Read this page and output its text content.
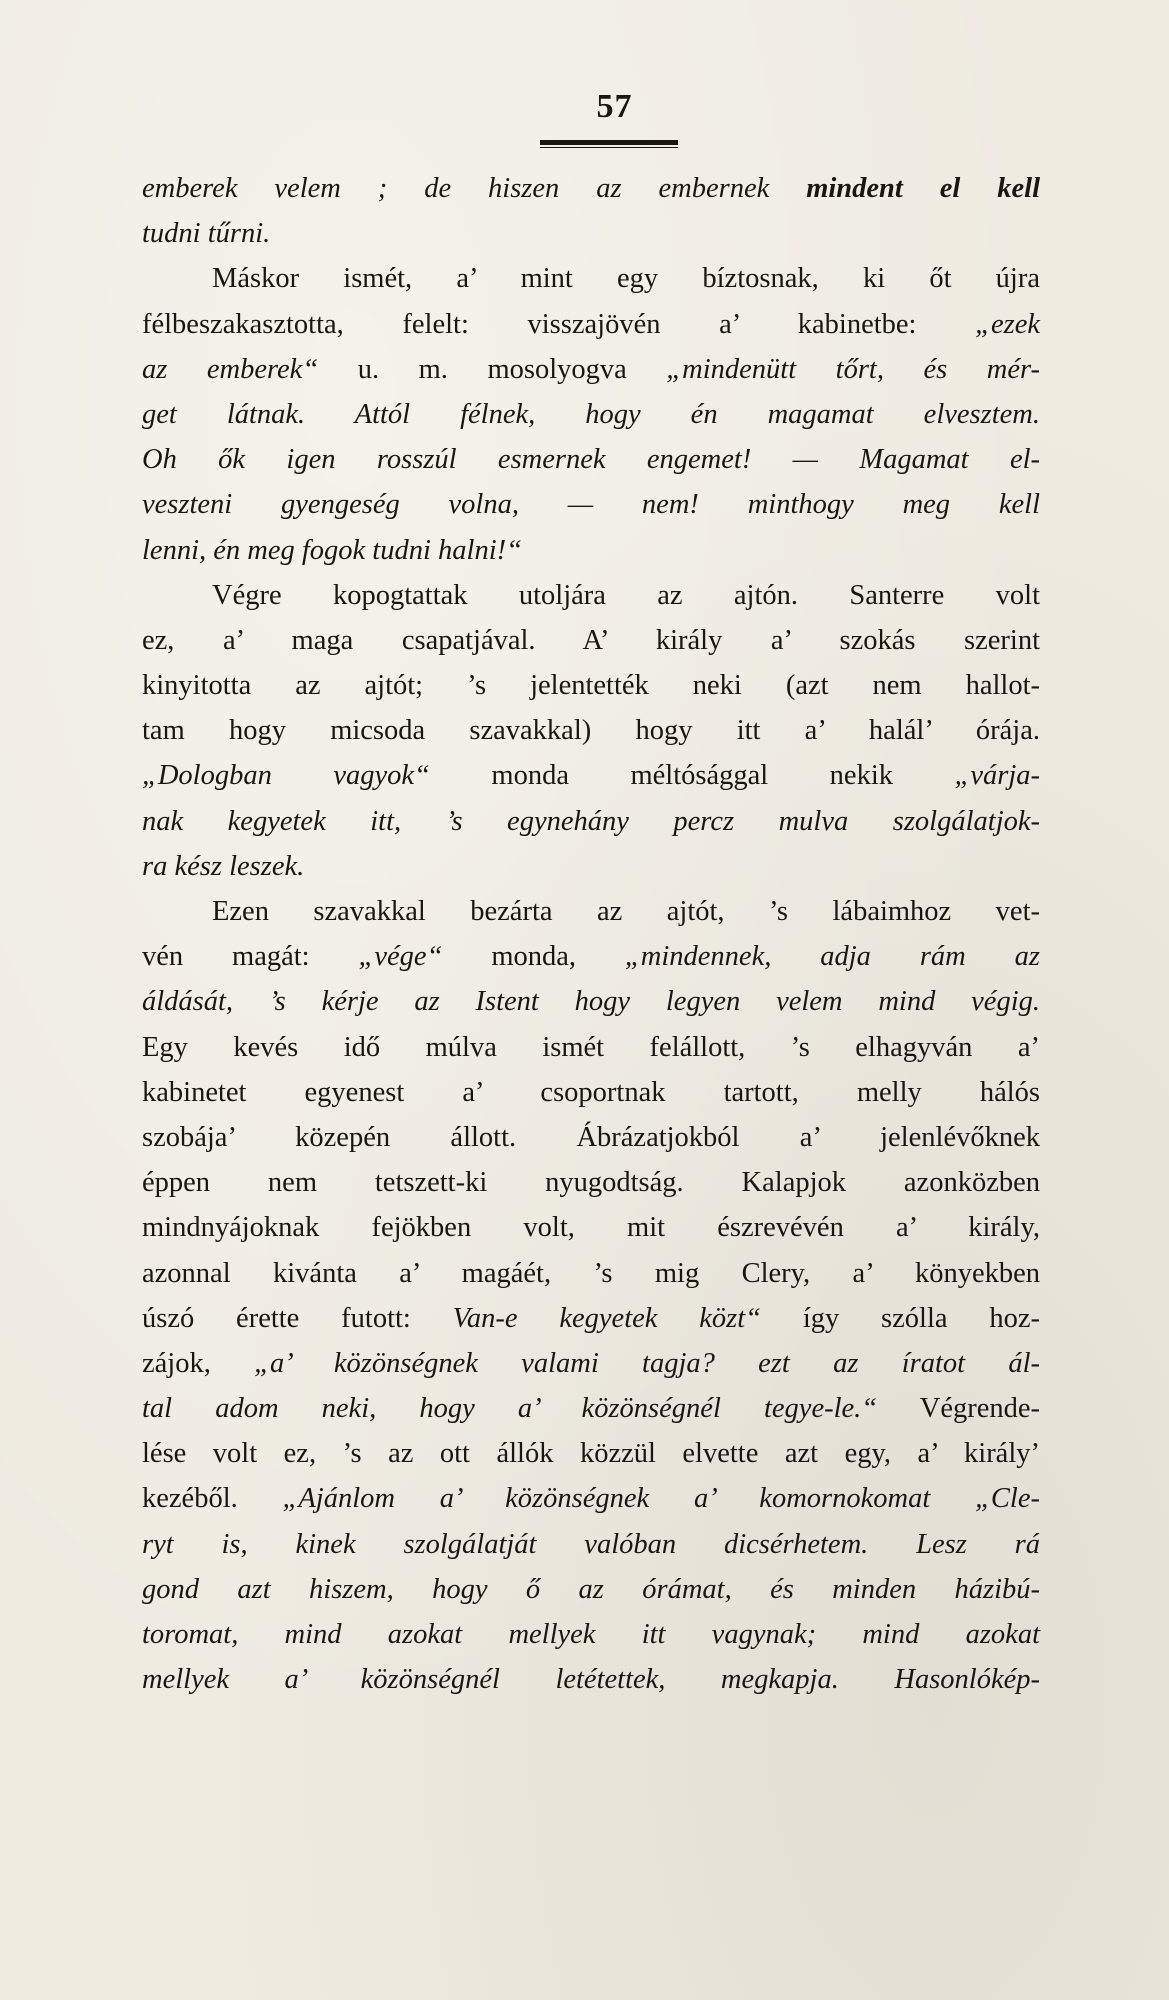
57
emberek velem ; de hiszen az embernek mindent el kell
tudni tűrni.
Máskor ismét, a’ mint egy bíztosnak, ki őt újra
félbeszakasztotta, felelt: visszajövén a’ kabinetbe: „ezek
az emberek“ u. m. mosolyogva „mindenütt tőrt, és mér-
get látnak. Attól félnek, hogy én magamat elvesztem.
Oh ők igen rosszúl esmernek engemet! — Magamat el-
veszteni gyengeség volna, — nem! minthogy meg kell
lenni, én meg fogok tudni halni!“
Végre kopogtattak utoljára az ajtón. Santerre volt
ez, a’ maga csapatjával. A’ király a’ szokás szerint
kinyitotta az ajtót; ’s jelentették neki (azt nem hallot-
tam hogy micsoda szavakkal) hogy itt a’ halál’ órája.
„Dologban vagyok“ monda méltósággal nekik „várja-
nak kegyetek itt, ’s egynehány percz mulva szolgálatjok-
ra kész leszek.
Ezen szavakkal bezárta az ajtót, ’s lábaimhoz vet-
vén magát: „vége“ monda, „mindennek, adja rám az
áldását, ’s kérje az Istent hogy legyen velem mind végig.
Egy kevés idő múlva ismét felállott, ’s elhagyván a’
kabinetet egyenest a’ csoportnak tartott, melly hálós
szobája’ közepén állott. Ábrázatjokból a’ jelenlévőknek
éppen nem tetszett-ki nyugodtság. Kalapjok azonközben
mindnyájoknak fejökben volt, mit észrevévén a’ király,
azonnal kivánta a’ magáét, ’s mig Clery, a’ könyekben
úszó érette futott: Van-e kegyetek közt“ így szólla hoz-
zájok, „a’ közönségnek valami tagja? ezt az íratot ál-
tal adom neki, hogy a’ közönségnél tegye-le.“ Végrende-
lése volt ez, ’s az ott állók közzül elvette azt egy, a’ király’
kezéből. „Ajánlom a’ közönségnek a’ komornokomat „Cle-
ryt is, kinek szolgálatját valóban dicsérhetem. Lesz rá
gond azt hiszem, hogy ő az órámat, és minden házibú-
toromat, mind azokat mellyek itt vagynak; mind azokat
mellyek a’ közönségnél letétettek, megkapja. Hasonlókép-
